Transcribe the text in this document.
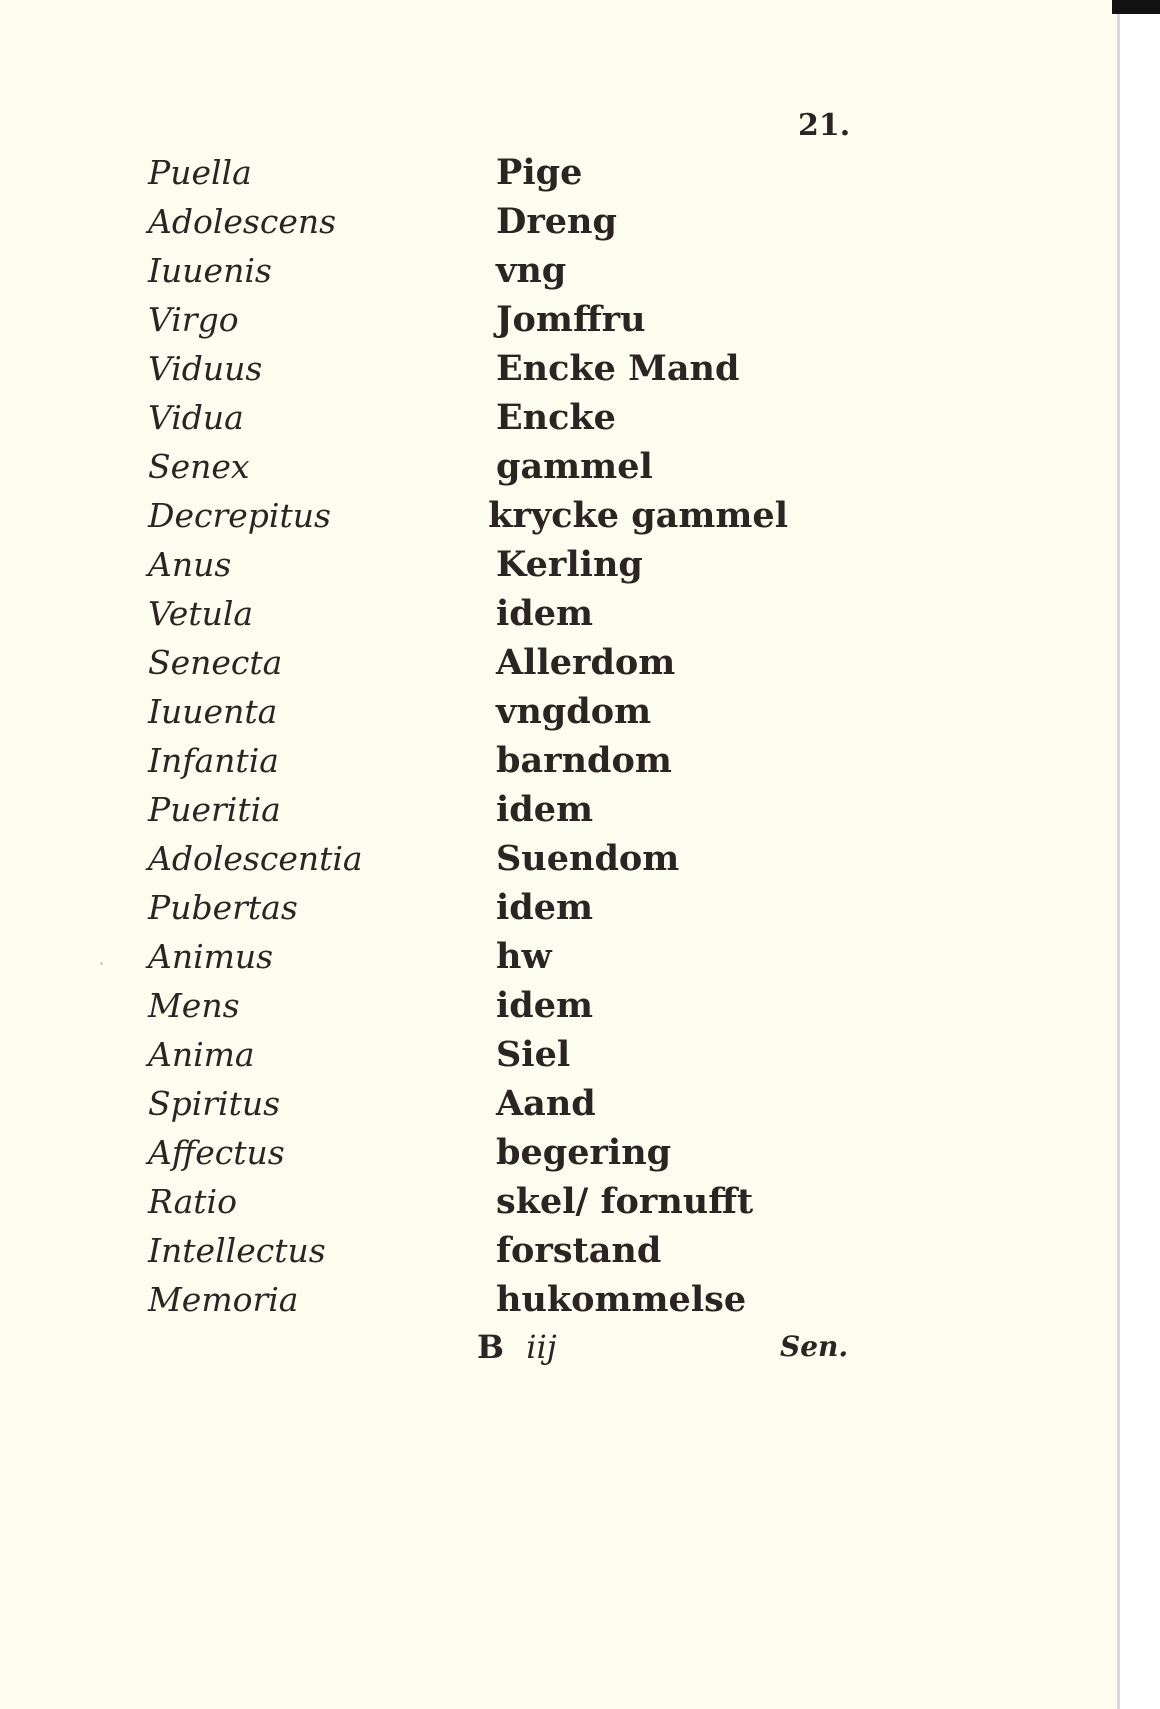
21.
Puella	Pige
Adolescens	Dreng
Iuuenis	vng
Virgo	Jomffru
Viduus	Encke Mand
Vidua	Encke
Senex	gammel
Decrepitus	krycke gammel
Anus	Kerling
Vetula	idem
Senecta	Allerdom
Iuuenta	vngdom
Infantia	barndom
Pueritia	idem
Adolescentia	Suendom
Pubertas	idem
Animus	hw
Mens	idem
Anima	Siel
Spiritus	Aand
Affectus	begering
Ratio	skel/ fornufft
Intellectus	forstand
Memoria	hukommelse
B iij	Sen.
